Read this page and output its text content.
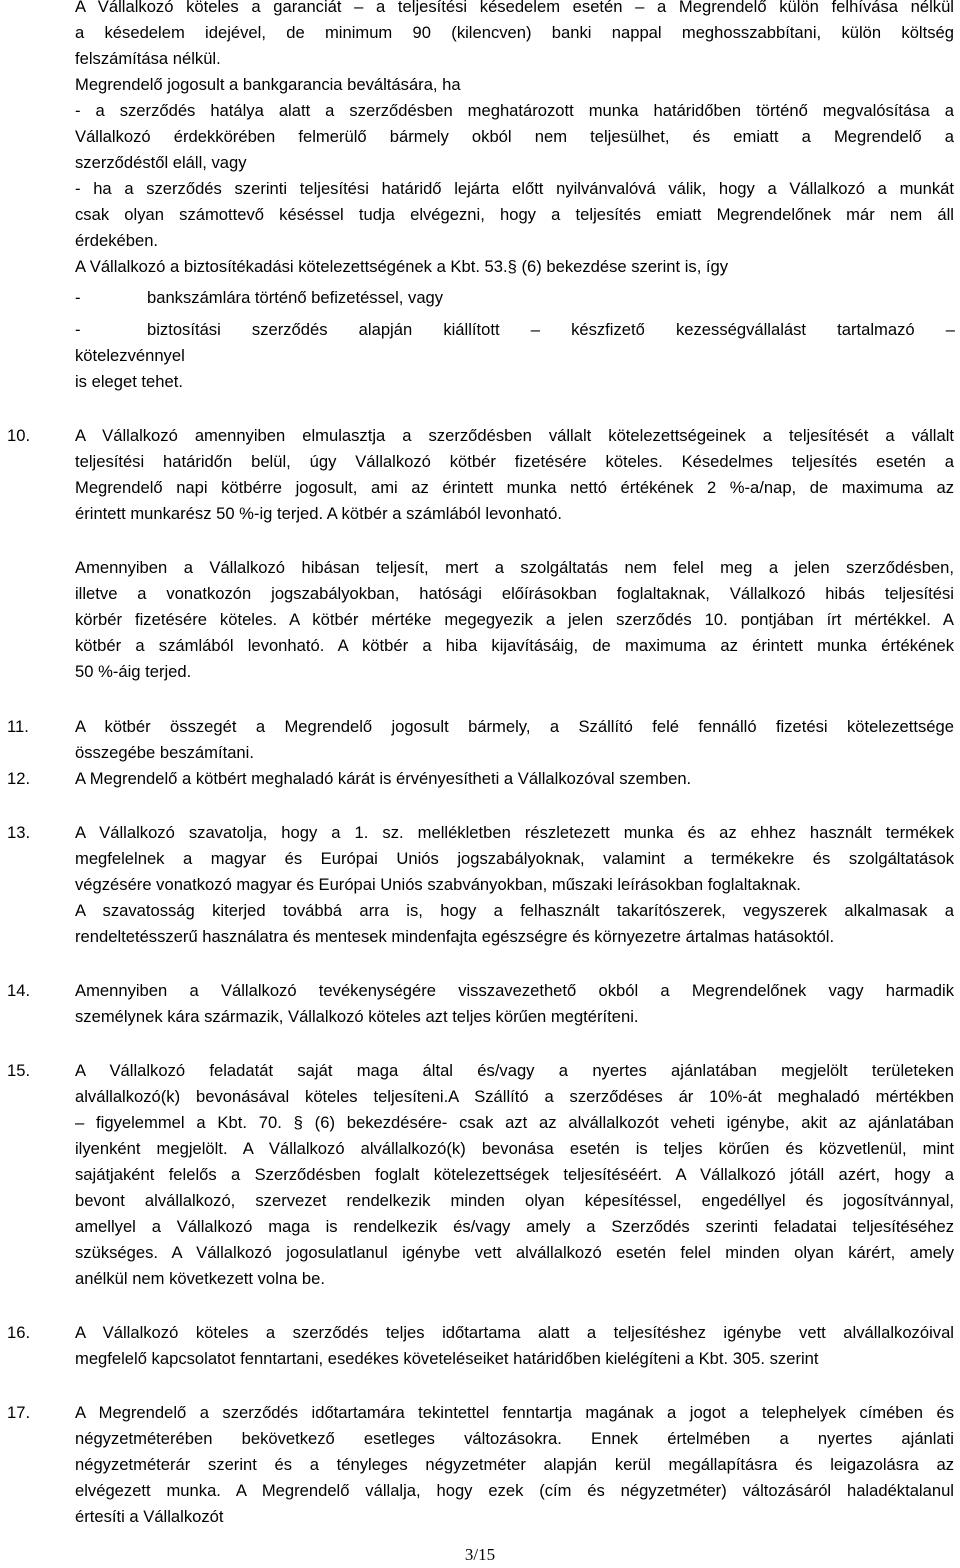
A Vállalkozó köteles a garanciát – a teljesítési késedelem esetén – a Megrendelő külön felhívása nélkül
a késedelem idejével, de minimum 90 (kilencven) banki nappal meghosszabbítani, külön költség
felszámítása nélkül.
Megrendelő jogosult a bankgarancia beváltására, ha
- a szerződés hatálya alatt a szerződésben meghatározott munka határidőben történő megvalósítása a
Vállalkozó érdekkörében felmerülő bármely okból nem teljesülhet, és emiatt a Megrendelő a
szerződéstől eláll, vagy
- ha a szerződés szerinti teljesítési határidő lejárta előtt nyilvánvalóvá válik, hogy a Vállalkozó a munkát
csak olyan számottevő késéssel tudja elvégezni, hogy a teljesítés emiatt Megrendelőnek már nem áll
érdekében.
A Vállalkozó a biztosítékadási kötelezettségének a Kbt. 53.§ (6) bekezdése szerint is, így
-	bankszámlára történő befizetéssel, vagy
-	biztosítási szerződés alapján kiállított – készfizető kezességvállalást tartalmazó –
kötelezvénnyel
is eleget tehet.
10.	A Vállalkozó amennyiben elmulasztja a szerződésben vállalt kötelezettségeinek a teljesítését a vállalt
teljesítési határidőn belül, úgy Vállalkozó kötbér fizetésére köteles. Késedelmes teljesítés esetén a
Megrendelő napi kötbérre jogosult, ami az érintett munka nettó értékének 2 %-a/nap, de maximuma az
érintett munkarész 50 %-ig terjed. A kötbér a számlából levonható.
Amennyiben a Vállalkozó hibásan teljesít, mert a szolgáltatás nem felel meg a jelen szerződésben,
illetve a vonatkozón jogszabályokban, hatósági előírásokban foglaltaknak, Vállalkozó hibás teljesítési
körbér fizetésére köteles. A kötbér mértéke megegyezik a jelen szerződés 10. pontjában írt mértékkel. A
kötbér a számlából levonható. A kötbér a hiba kijavításáig, de maximuma az érintett munka értékének
50 %-áig terjed.
11.	A kötbér összegét a Megrendelő jogosult bármely, a Szállító felé fennálló fizetési kötelezettsége
összegébe beszámítani.
12.	A Megrendelő a kötbért meghaladó kárát is érvényesítheti a Vállalkozóval szemben.
13.	A Vállalkozó szavatolja, hogy a 1. sz. mellékletben részletezett munka és az ehhez használt termékek
megfelelnek a magyar és Európai Uniós jogszabályoknak, valamint a termékekre és szolgáltatások
végzésére vonatkozó magyar és Európai Uniós szabványokban, műszaki leírásokban foglaltaknak.
A szavatosság kiterjed továbbá arra is, hogy a felhasznált takarítószerek, vegyszerek alkalmasak a
rendeltetésszerű használatra és mentesek mindenfajta egészségre és környezetre ártalmas hatásoktól.
14.	Amennyiben a Vállalkozó tevékenységére visszavezethető okból a Megrendelőnek vagy harmadik
személynek kára származik, Vállalkozó köteles azt teljes körűen megtéríteni.
15.	A Vállalkozó feladatát saját maga által és/vagy a nyertes ajánlatában megjelölt területeken
alvállalkozó(k) bevonásával köteles teljesíteni.A Szállító a szerződéses ár 10%-át meghaladó mértékben
– figyelemmel a Kbt. 70. § (6) bekezdésére- csak azt az alvállalkozót veheti igénybe, akit az ajánlatában
ilyenként megjelölt. A Vállalkozó alvállalkozó(k) bevonása esetén is teljes körűen és közvetlenül, mint
sajátjaként felelős a Szerződésben foglalt kötelezettségek teljesítéséért. A Vállalkozó jótáll azért, hogy a
bevont alvállalkozó, szervezet rendelkezik minden olyan képesítéssel, engedéllyel és jogosítvánnyal,
amellyel a Vállalkozó maga is rendelkezik és/vagy amely a Szerződés szerinti feladatai teljesítéséhez
szükséges. A Vállalkozó jogosulatlanul igénybe vett alvállalkozó esetén felel minden olyan kárért, amely
anélkül nem következett volna be.
16.	A Vállalkozó köteles a szerződés teljes időtartama alatt a teljesítéshez igénybe vett alvállalkozóival
megfelelő kapcsolatot fenntartani, esedékes követeléseiket határidőben kielégíteni a Kbt. 305. szerint
17.	A Megrendelő a szerződés időtartamára tekintettel fenntartja magának a jogot a telephelyek címében és
négyzetméterében bekövetkező esetleges változásokra. Ennek értelmében a nyertes ajánlati
négyzetméterár szerint és a tényleges négyzetméter alapján kerül megállapításra és leigazolásra az
elvégezett munka. A Megrendelő vállalja, hogy ezek (cím és négyzetméter) változásáról haladéktalanul
értesíti a Vállalkozót
3/15
